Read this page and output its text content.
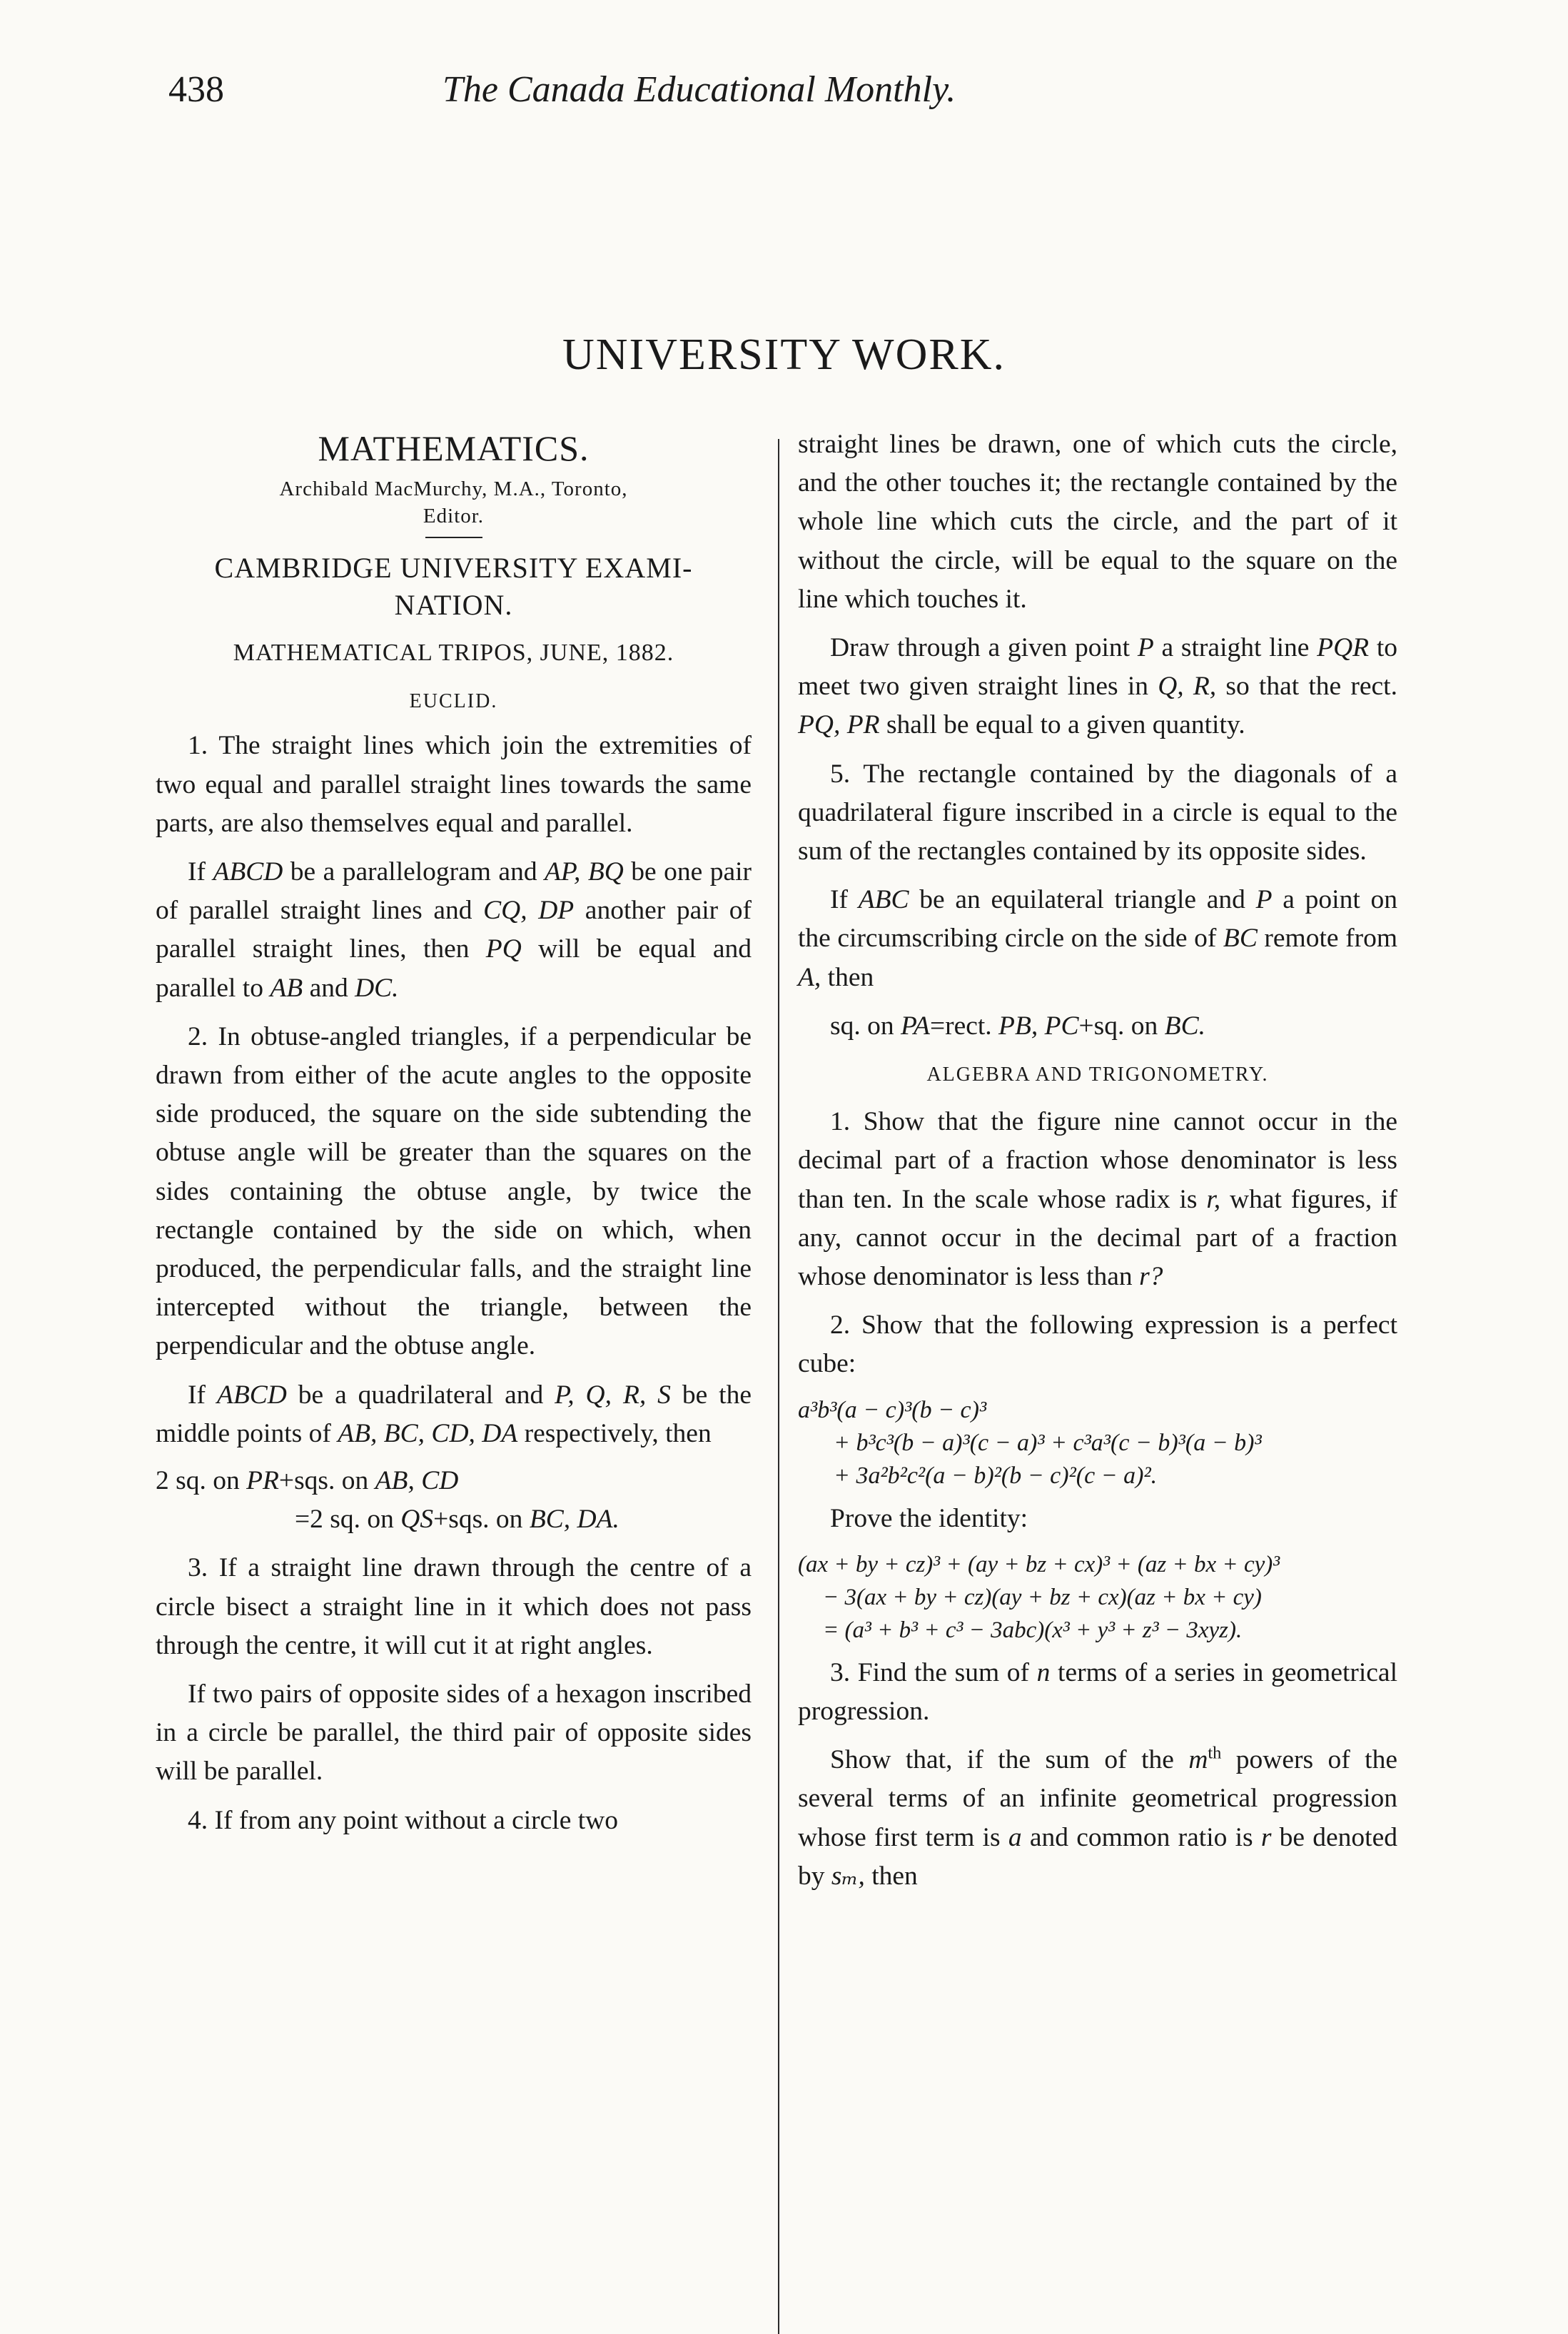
438	The Canada Educational Monthly.
UNIVERSITY WORK.

MATHEMATICS.

Archibald MacMurchy, M.A., Toronto,

Editor.

CAMBRIDGE UNIVERSITY EXAMI-NATION.

MATHEMATICAL TRIPOS, JUNE, 1882.

EUCLID.

1. The straight lines which join the extremities of two equal and parallel straight lines towards the same parts, are also themselves equal and parallel.

If ABCD be a parallelogram and AP, BQ be one pair of parallel straight lines and CQ, DP another pair of parallel straight lines, then PQ will be equal and parallel to AB and DC.

2. In obtuse-angled triangles, if a perpendicular be drawn from either of the acute angles to the opposite side produced, the square on the side subtending the obtuse angle will be greater than the squares on the sides containing the obtuse angle, by twice the rectangle contained by the side on which, when produced, the perpendicular falls, and the straight line intercepted without the triangle, between the perpendicular and the obtuse angle.

If ABCD be a quadrilateral and P, Q, R, S be the middle points of AB, BC, CD, DA respectively, then

2 sq. on PR+sqs. on AB, CD

=2 sq. on QS+sqs. on BC, DA.

3. If a straight line drawn through the centre of a circle bisect a straight line in it which does not pass through the centre, it will cut it at right angles.

If two pairs of opposite sides of a hexagon inscribed in a circle be parallel, the third pair of opposite sides will be parallel.

4. If from any point without a circle two

straight lines be drawn, one of which cuts the circle, and the other touches it; the rectangle contained by the whole line which cuts the circle, and the part of it without the circle, will be equal to the square on the line which touches it.

Draw through a given point P a straight line PQR to meet two given straight lines in Q, R, so that the rect. PQ, PR shall be equal to a given quantity.

5. The rectangle contained by the diagonals of a quadrilateral figure inscribed in a circle is equal to the sum of the rectangles contained by its opposite sides.

If ABC be an equilateral triangle and P a point on the circumscribing circle on the side of BC remote from A, then

sq. on PA=rect. PB, PC+sq. on BC.

ALGEBRA AND TRIGONOMETRY.

1. Show that the figure nine cannot occur in the decimal part of a fraction whose denominator is less than ten. In the scale whose radix is r, what figures, if any, cannot occur in the decimal part of a fraction whose denominator is less than r?

2. Show that the following expression is a perfect cube:

a³b³(a − c)³(b − c)³

+ b³c³(b − a)³(c − a)³ + c³a³(c − b)³(a − b)³

+ 3a²b²c²(a − b)²(b − c)²(c − a)².

Prove the identity:

(ax + by + cz)³ + (ay + bz + cx)³ + (az + bx + cy)³

− 3(ax + by + cz)(ay + bz + cx)(az + bx + cy)

= (a³ + b³ + c³ − 3abc)(x³ + y³ + z³ − 3xyz).

3. Find the sum of n terms of a series in geometrical progression.

Show that, if the sum of the $m^{th}$ powers of the several terms of an infinite geometrical progression whose first term is a and common ratio is r be denoted by sₘ, then
